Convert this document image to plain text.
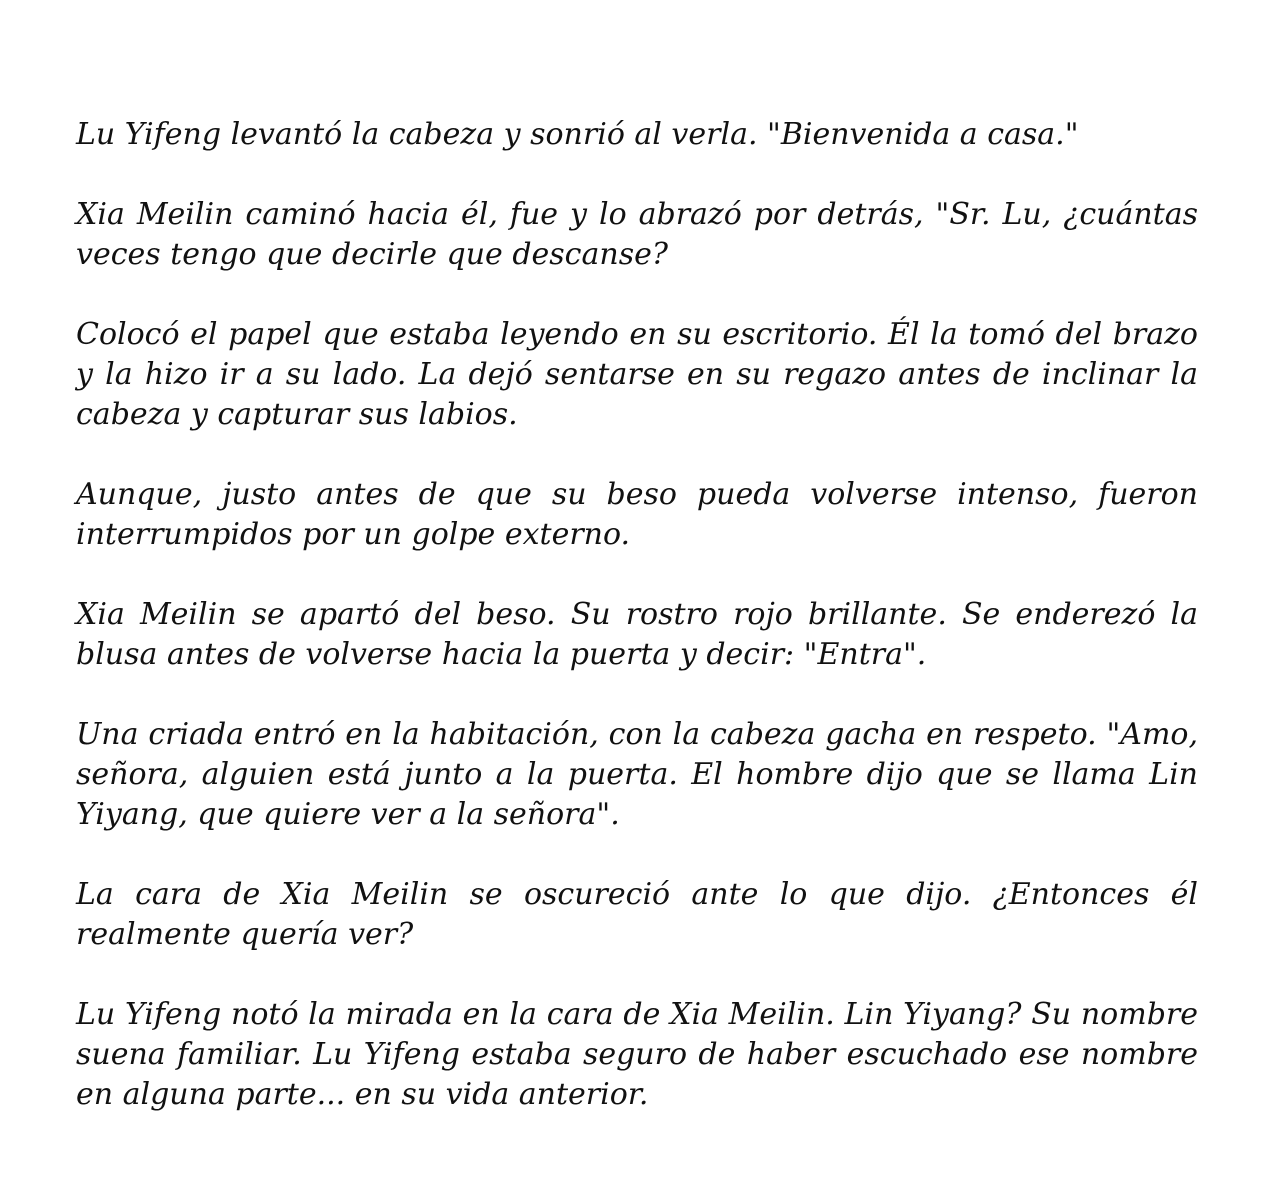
Lu Yifeng levantó la cabeza y sonrió al verla. "Bienvenida a casa."

Xia Meilin caminó hacia él, fue y lo abrazó por detrás, "Sr. Lu, ¿cuántas veces tengo que decirle que descanse?

Colocó el papel que estaba leyendo en su escritorio. Él la tomó del brazo y la hizo ir a su lado. La dejó sentarse en su regazo antes de inclinar la cabeza y capturar sus labios.

Aunque, justo antes de que su beso pueda volverse intenso, fueron interrumpidos por un golpe externo.

Xia Meilin se apartó del beso. Su rostro rojo brillante. Se enderezó la blusa antes de volverse hacia la puerta y decir: "Entra".

Una criada entró en la habitación, con la cabeza gacha en respeto. "Amo, señora, alguien está junto a la puerta. El hombre dijo que se llama Lin Yiyang, que quiere ver a la señora".

La cara de Xia Meilin se oscureció ante lo que dijo. ¿Entonces él realmente quería ver?

Lu Yifeng notó la mirada en la cara de Xia Meilin. Lin Yiyang? Su nombre suena familiar. Lu Yifeng estaba seguro de haber escuchado ese nombre en alguna parte... en su vida anterior.
